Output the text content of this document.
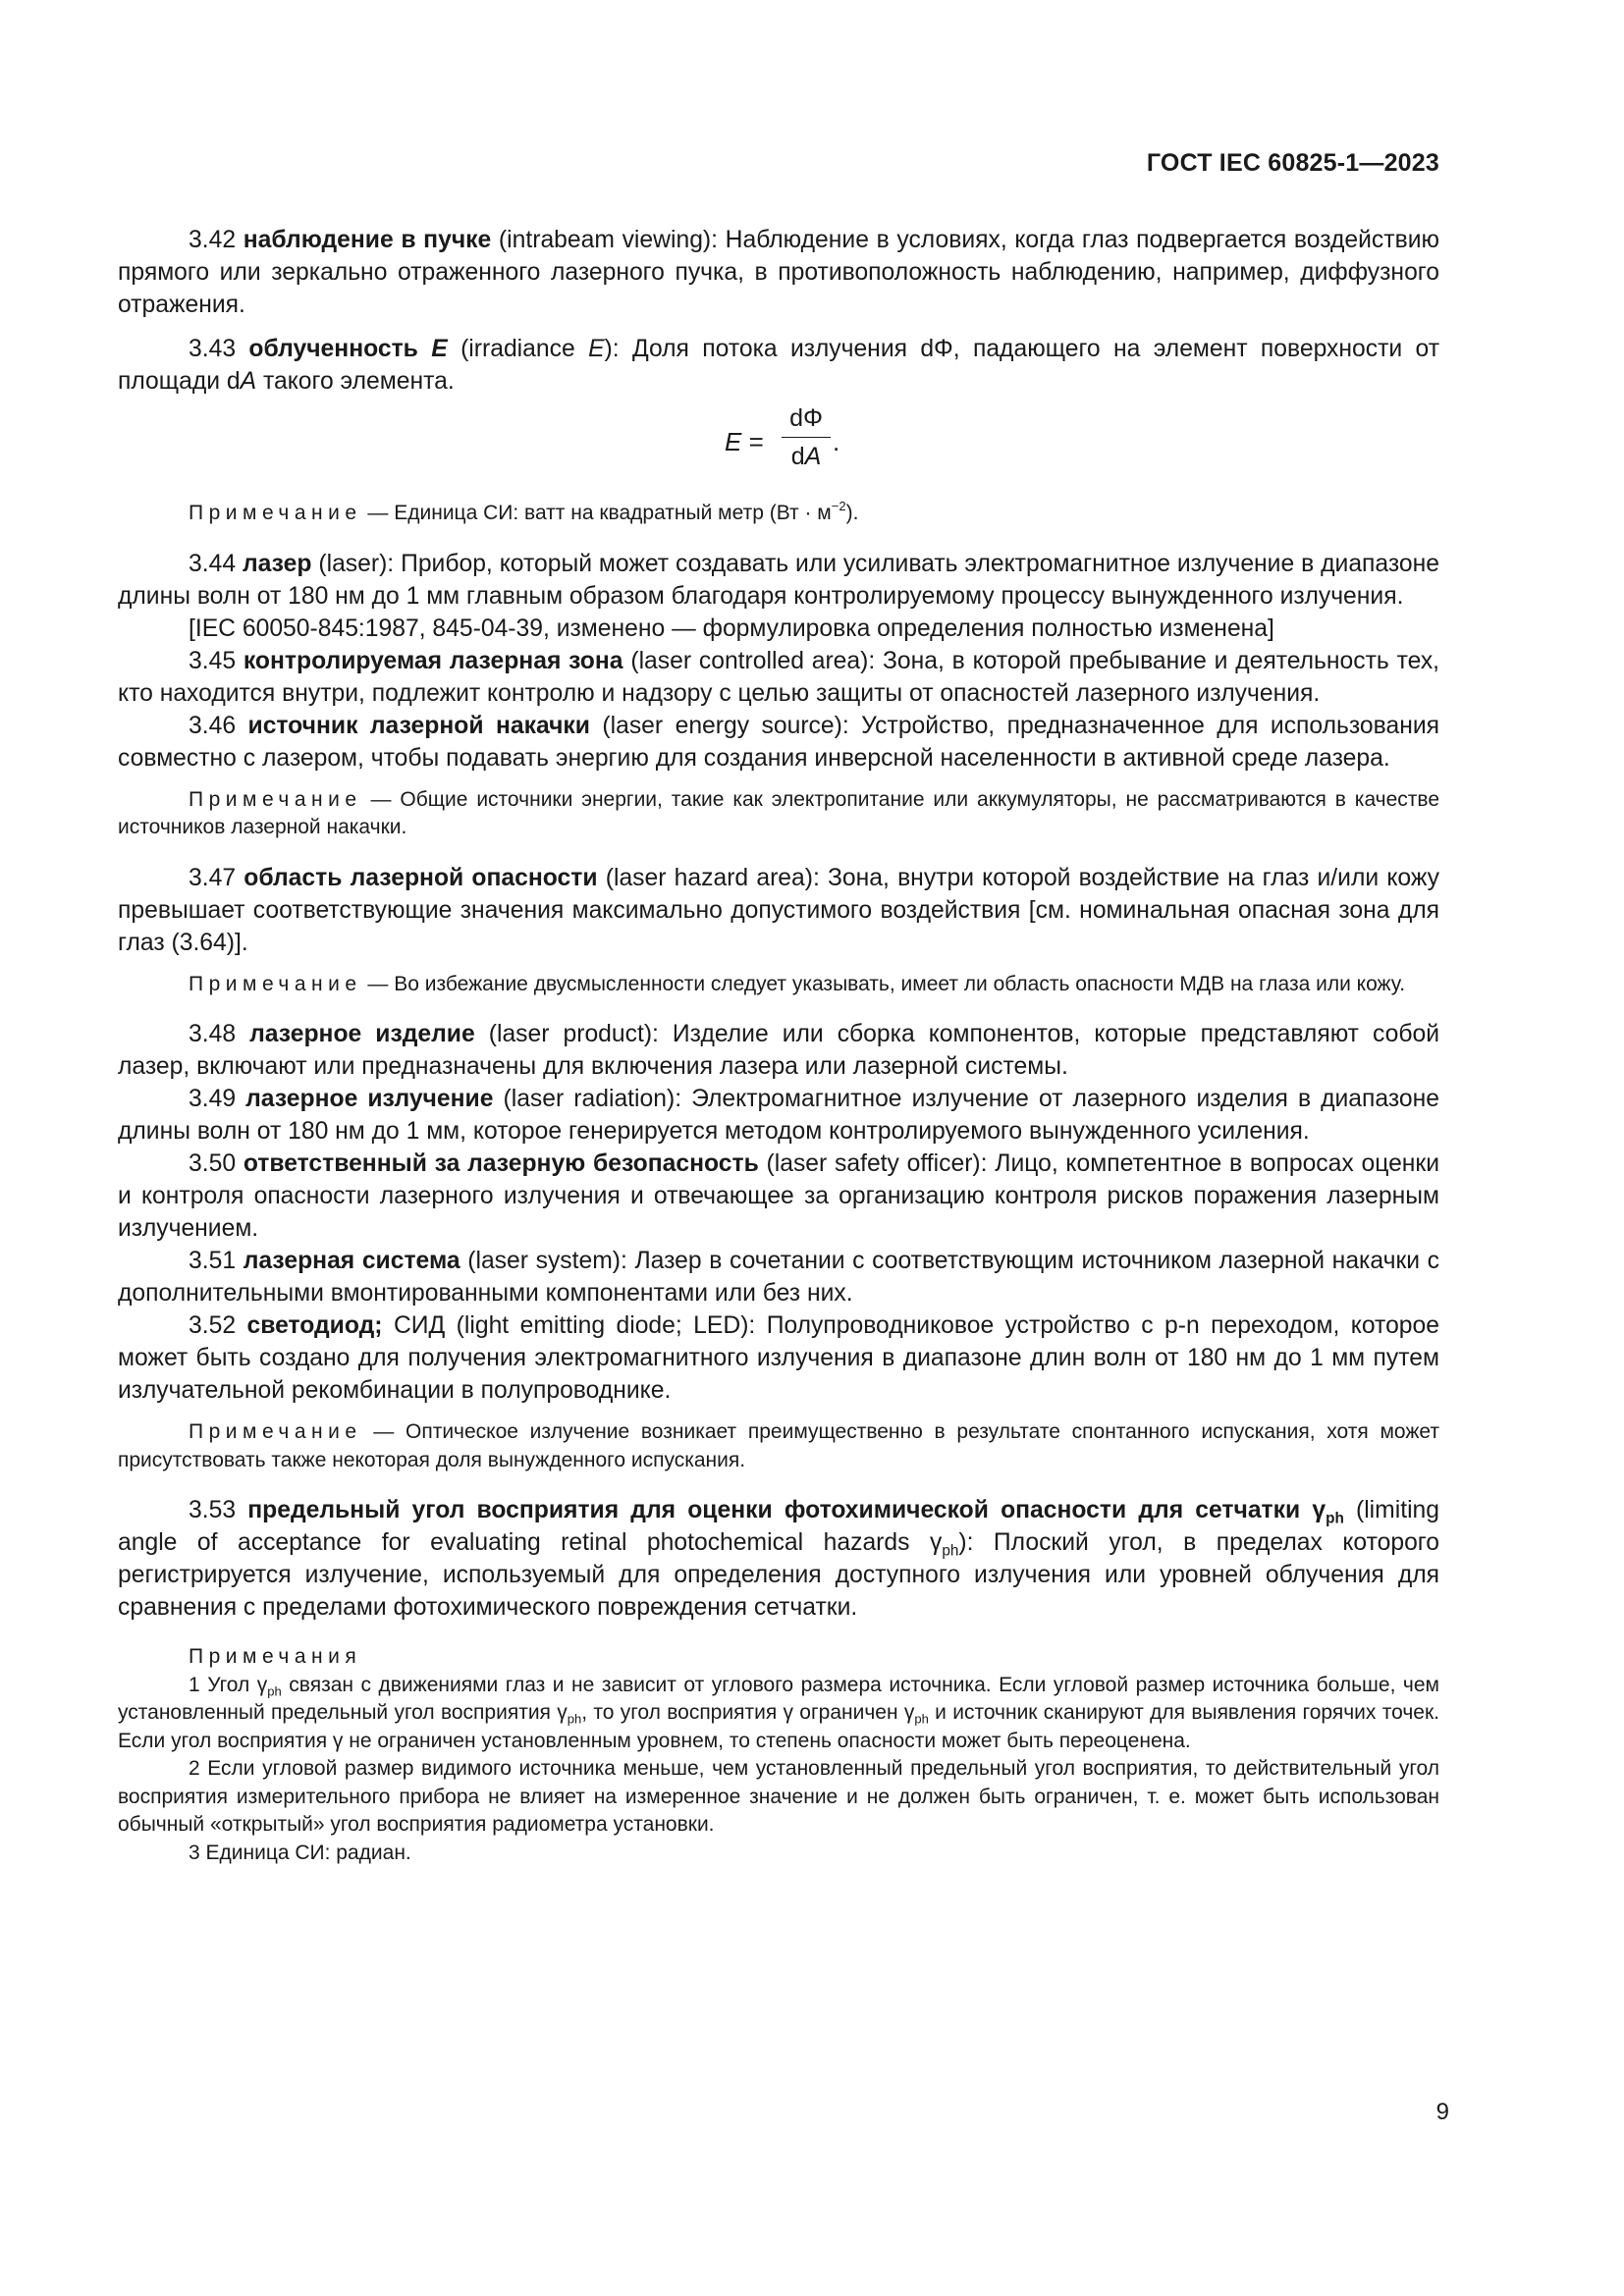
ГОСТ IEC 60825-1—2023

3.42 наблюдение в пучке (intrabeam viewing): Наблюдение в условиях, когда глаз подвергается воздействию прямого или зеркально отраженного лазерного пучка, в противоположность наблюдению, например, диффузного отражения.

3.43 облученность E (irradiance E): Доля потока излучения dΦ, падающего на элемент поверхности от площади dA такого элемента.

E =
dΦ
dA .

Примечание — Единица СИ: ватт на квадратный метр $(Вт \cdot м^{-2})$.

3.44 лазер (laser): Прибор, который может создавать или усиливать электромагнитное излучение в диапазоне длины волн от 180 нм до 1 мм главным образом благодаря контролируемому процессу вынужденного излучения.

[IEC 60050-845:1987, 845-04-39, изменено — формулировка определения полностью изменена]

3.45 контролируемая лазерная зона (laser controlled area): Зона, в которой пребывание и деятельность тех, кто находится внутри, подлежит контролю и надзору с целью защиты от опасностей лазерного излучения.

3.46 источник лазерной накачки (laser energy source): Устройство, предназначенное для использования совместно с лазером, чтобы подавать энергию для создания инверсной населенности в активной среде лазера.

Примечание — Общие источники энергии, такие как электропитание или аккумуляторы, не рассматриваются в качестве источников лазерной накачки.

3.47 область лазерной опасности (laser hazard area): Зона, внутри которой воздействие на глаз и/или кожу превышает соответствующие значения максимально допустимого воздействия [см. номинальная опасная зона для глаз (3.64)].

Примечание — Во избежание двусмысленности следует указывать, имеет ли область опасности МДВ на глаза или кожу.

3.48 лазерное изделие (laser product): Изделие или сборка компонентов, которые представляют собой лазер, включают или предназначены для включения лазера или лазерной системы.

3.49 лазерное излучение (laser radiation): Электромагнитное излучение от лазерного изделия в диапазоне длины волн от 180 нм до 1 мм, которое генерируется методом контролируемого вынужденного усиления.

3.50 ответственный за лазерную безопасность (laser safety officer): Лицо, компетентное в вопросах оценки и контроля опасности лазерного излучения и отвечающее за организацию контроля рисков поражения лазерным излучением.

3.51 лазерная система (laser system): Лазер в сочетании с соответствующим источником лазерной накачки с дополнительными вмонтированными компонентами или без них.

3.52 светодиод; СИД (light emitting diode; LED): Полупроводниковое устройство с p-n переходом, которое может быть создано для получения электромагнитного излучения в диапазоне длин волн от 180 нм до 1 мм путем излучательной рекомбинации в полупроводнике.

Примечание — Оптическое излучение возникает преимущественно в результате спонтанного испускания, хотя может присутствовать также некоторая доля вынужденного испускания.

3.53 предельный угол восприятия для оценки фотохимической опасности для сетчатки $\gamma_{ph}$ (limiting angle of acceptance for evaluating retinal photochemical hazards $\gamma_{ph}$): Плоский угол, в пределах которого регистрируется излучение, используемый для определения доступного излучения или уровней облучения для сравнения с пределами фотохимического повреждения сетчатки.

Примечания

1 Угол $\gamma_{ph}$ связан с движениями глаз и не зависит от углового размера источника. Если угловой размер источника больше, чем установленный предельный угол восприятия $\gamma_{ph}$, то угол восприятия γ ограничен $\gamma_{ph}$ и источник сканируют для выявления горячих точек. Если угол восприятия γ не ограничен установленным уровнем, то степень опасности может быть переоценена.

2 Если угловой размер видимого источника меньше, чем установленный предельный угол восприятия, то действительный угол восприятия измерительного прибора не влияет на измеренное значение и не должен быть ограничен, т. е. может быть использован обычный «открытый» угол восприятия радиометра установки.

3 Единица СИ: радиан.

9
